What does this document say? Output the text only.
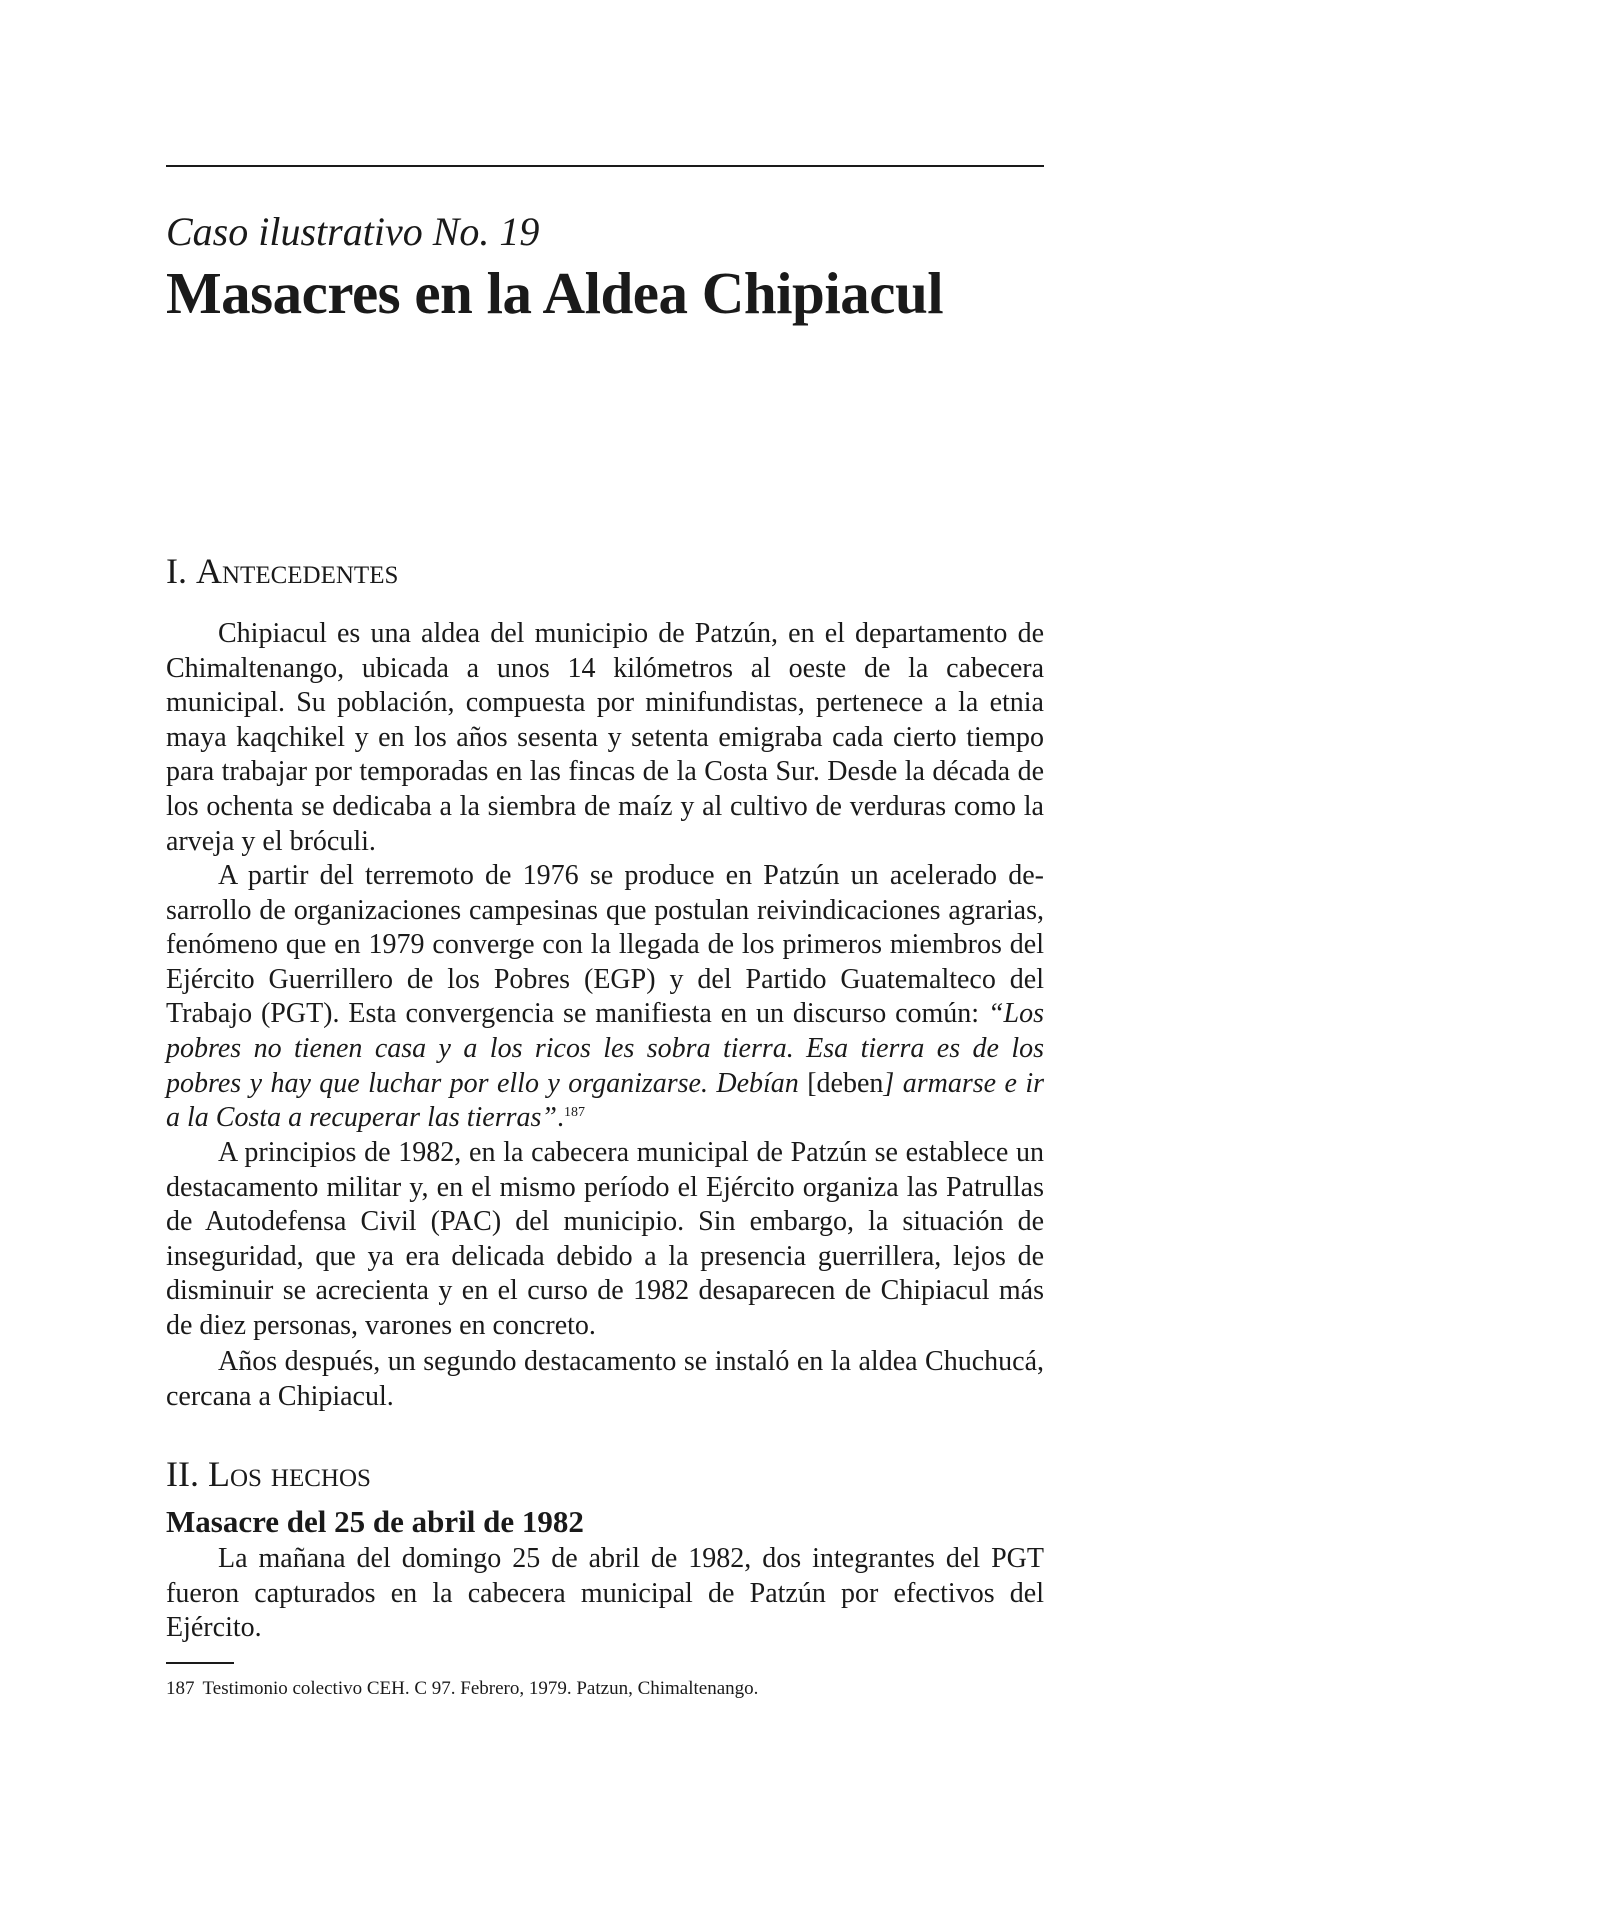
Caso ilustrativo No. 19
Masacres en la Aldea Chipiacul
I. Antecedentes

Chipiacul es una aldea del municipio de Patzún, en el departamento de Chimaltenango, ubicada a unos 14 kilómetros al oeste de la cabecera municipal. Su población, compuesta por minifundistas, pertenece a la etnia maya kaqchikel y en los años sesenta y setenta emigraba cada cierto tiempo para trabajar por temporadas en las fincas de la Costa Sur. Desde la década de los ochenta se dedicaba a la siembra de maíz y al cultivo de verduras como la arveja y el bróculi.

A partir del terremoto de 1976 se produce en Patzún un acelerado desarrollo de organizaciones campesinas que postulan reivindicaciones agrarias, fenómeno que en 1979 converge con la llegada de los primeros miembros del Ejército Guerrillero de los Pobres (EGP) y del Partido Guatemalteco del Trabajo (PGT). Esta convergencia se manifiesta en un discurso común: “Los pobres no tienen casa y a los ricos les sobra tierra. Esa tierra es de los pobres y hay que luchar por ello y organizarse. Debían [deben] armarse e ir a la Costa a recuperar las tierras”.$^{187}$

A principios de 1982, en la cabecera municipal de Patzún se establece un destacamento militar y, en el mismo período el Ejército organiza las Patrullas de Autodefensa Civil (PAC) del municipio. Sin embargo, la situación de inseguridad, que ya era delicada debido a la presencia guerrillera, lejos de disminuir se acrecienta y en el curso de 1982 desaparecen de Chipiacul más de diez personas, varones en concreto.

Años después, un segundo destacamento se instaló en la aldea Chuchucá, cercana a Chipiacul.

II. Los hechos
Masacre del 25 de abril de 1982

La mañana del domingo 25 de abril de 1982, dos integrantes del PGT fueron capturados en la cabecera municipal de Patzún por efectivos del Ejército.

187 Testimonio colectivo CEH. C 97. Febrero, 1979. Patzun, Chimaltenango.
